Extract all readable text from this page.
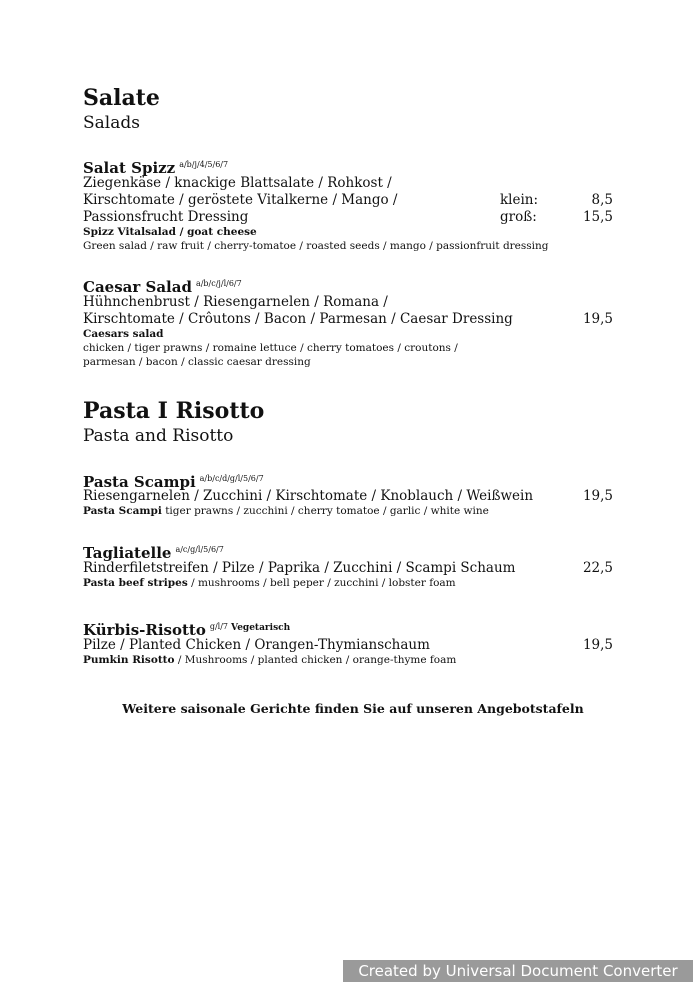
Salate
Salads
Salat Spizz $^{a/b/j/4/5/6/7}$
Ziegenkäse / knackige Blattsalate / Rohkost /
Kirschtomate / geröstete Vitalkerne / Mango /
Passionsfrucht Dressing
klein:	8,5
groß:	15,5
Spizz Vitalsalad / goat cheese
Green salad / raw fruit / cherry-tomatoe / roasted seeds / mango / passionfruit dressing
Caesar Salad $^{a/b/c/j/l/6/7}$
Hühnchenbrust / Riesengarnelen / Romana /
Kirschtomate / Crôutons / Bacon / Parmesan / Caesar Dressing	19,5
Caesars salad
chicken / tiger prawns / romaine lettuce / cherry tomatoes / croutons /
parmesan / bacon / classic caesar dressing
Pasta I Risotto
Pasta and Risotto
Pasta Scampi $^{a/b/c/d/g/l/5/6/7}$
Riesengarnelen / Zucchini / Kirschtomate / Knoblauch / Weißwein	19,5
Pasta Scampi tiger prawns / zucchini / cherry tomatoe / garlic / white wine
Tagliatelle $^{a/c/g/l/5/6/7}$
Rinderfiletstreifen / Pilze / Paprika / Zucchini / Scampi Schaum	22,5
Pasta beef stripes / mushrooms / bell peper / zucchini / lobster foam
Kürbis-Risotto $^{g/l/7}$ $^{Vegetarisch}$
Pilze / Planted Chicken / Orangen-Thymianschaum	19,5
Pumkin Risotto / Mushrooms / planted chicken / orange-thyme foam
Weitere saisonale Gerichte finden Sie auf unseren Angebotstafeln
Created by Universal Document Converter
